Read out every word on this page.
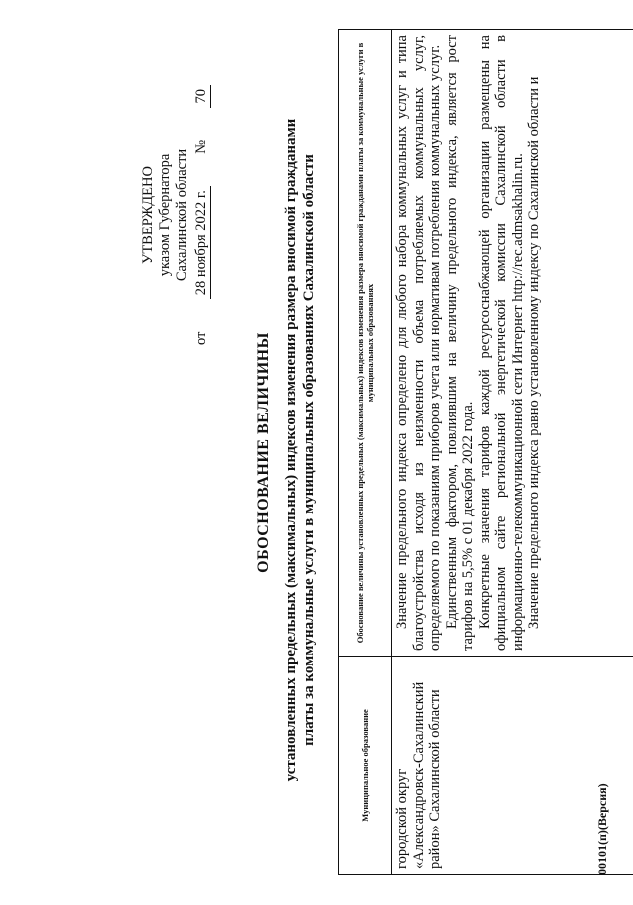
УТВЕРЖДЕНО указом Губернатора Сахалинской области
от
28 ноября 2022 г.
№
70
ОБОСНОВАНИЕ ВЕЛИЧИНЫ установленных предельных (максимальных) индексов изменения размера вносимой гражданами платы за коммунальные услуги в муниципальных образованиях Сахалинской области
Муниципальное образование	Обоснование величины установленных предельных (максимальных) индексов изменения размера вносимой гражданами платы за коммунальные услуги в муниципальных образованиях
городской округ «Александровск-Сахалинский район» Сахалинской области	Значение предельного индекса определено для любого набора коммунальных услуг и типа благоустройства исходя из неизменности объема потребляемых коммунальных услуг, определяемого по показаниям приборов учета или нормативам потребления коммунальных услуг. Единственным фактором, повлиявшим на величину предельного индекса, является рост тарифов на 5,5% с 01 декабря 2022 года. Конкретные значения тарифов каждой ресурсоснабжающей организации размещены на официальном сайте региональной энергетической комиссии Сахалинской области в информационно-телекоммуникационной сети Интернет http://rec.admsakhalin.ru. Значение предельного индекса равно установленному индексу по Сахалинской области и

00101(п)(Версия)
